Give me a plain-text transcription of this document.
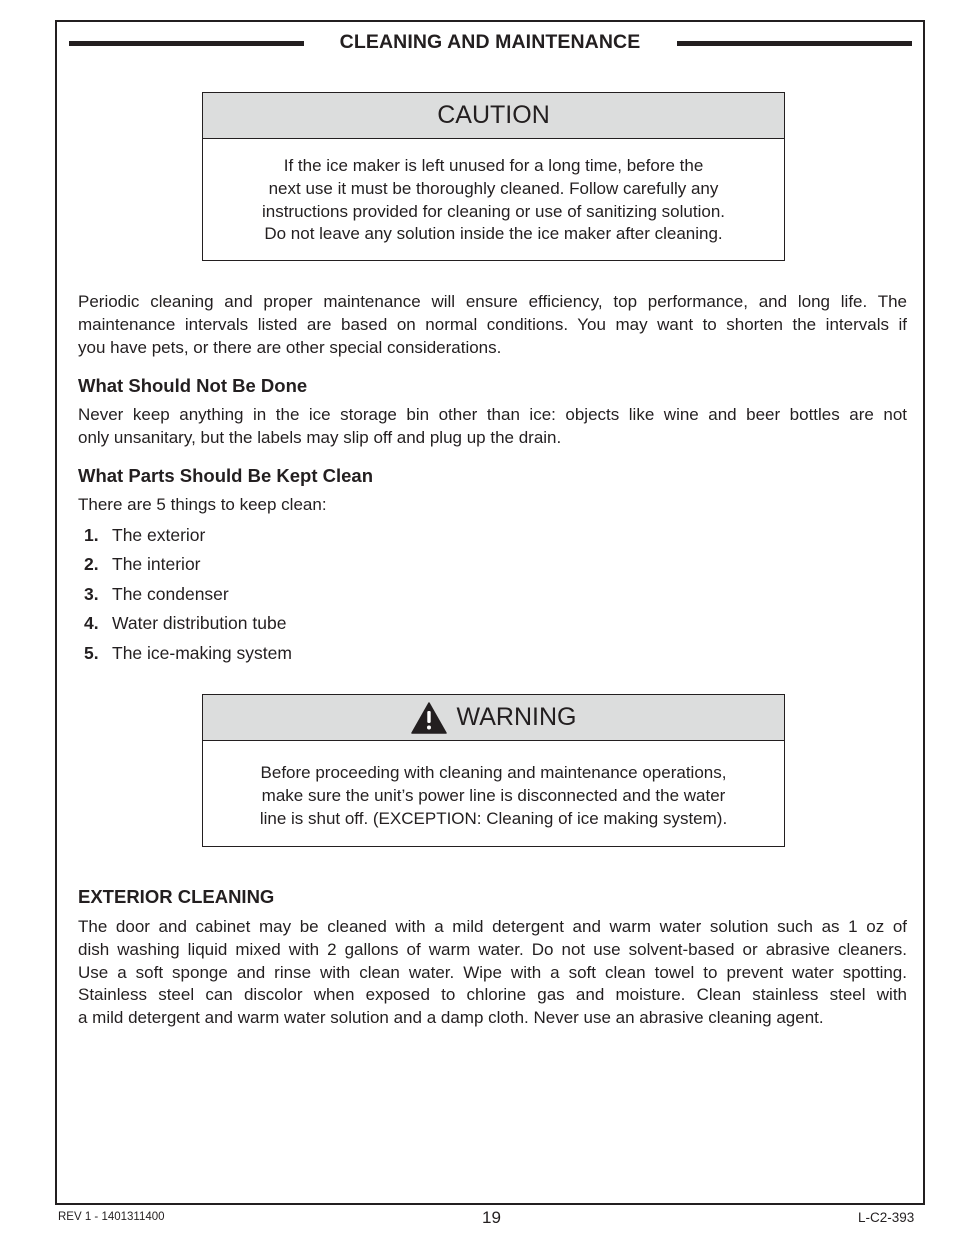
CLEANING AND MAINTENANCE
CAUTION
If the ice maker is left unused for a long time, before the
next use it must be thoroughly cleaned. Follow carefully any
instructions provided for cleaning or use of sanitizing solution.
Do not leave any solution inside the ice maker after cleaning.
Periodic cleaning and proper maintenance will ensure efficiency, top performance, and long life. The
maintenance intervals listed are based on normal conditions. You may want to shorten the intervals if
you have pets, or there are other special considerations.
What Should Not Be Done
Never keep anything in the ice storage bin other than ice: objects like wine and beer bottles are not
only unsanitary, but the labels may slip off and plug up the drain.
What Parts Should Be Kept Clean
There are 5 things to keep clean:
1. The exterior
2. The interior
3. The condenser
4. Water distribution tube
5. The ice-making system
WARNING
Before proceeding with cleaning and maintenance operations,
make sure the unit’s power line is disconnected and the water
line is shut off. (EXCEPTION: Cleaning of ice making system).
EXTERIOR CLEANING
The door and cabinet may be cleaned with a mild detergent and warm water solution such as 1 oz of
dish washing liquid mixed with 2 gallons of warm water. Do not use solvent-based or abrasive cleaners.
Use a soft sponge and rinse with clean water. Wipe with a soft clean towel to prevent water spotting.
Stainless steel can discolor when exposed to chlorine gas and moisture. Clean stainless steel with
a mild detergent and warm water solution and a damp cloth. Never use an abrasive cleaning agent.
REV 1 - 1401311400	19	L-C2-393
